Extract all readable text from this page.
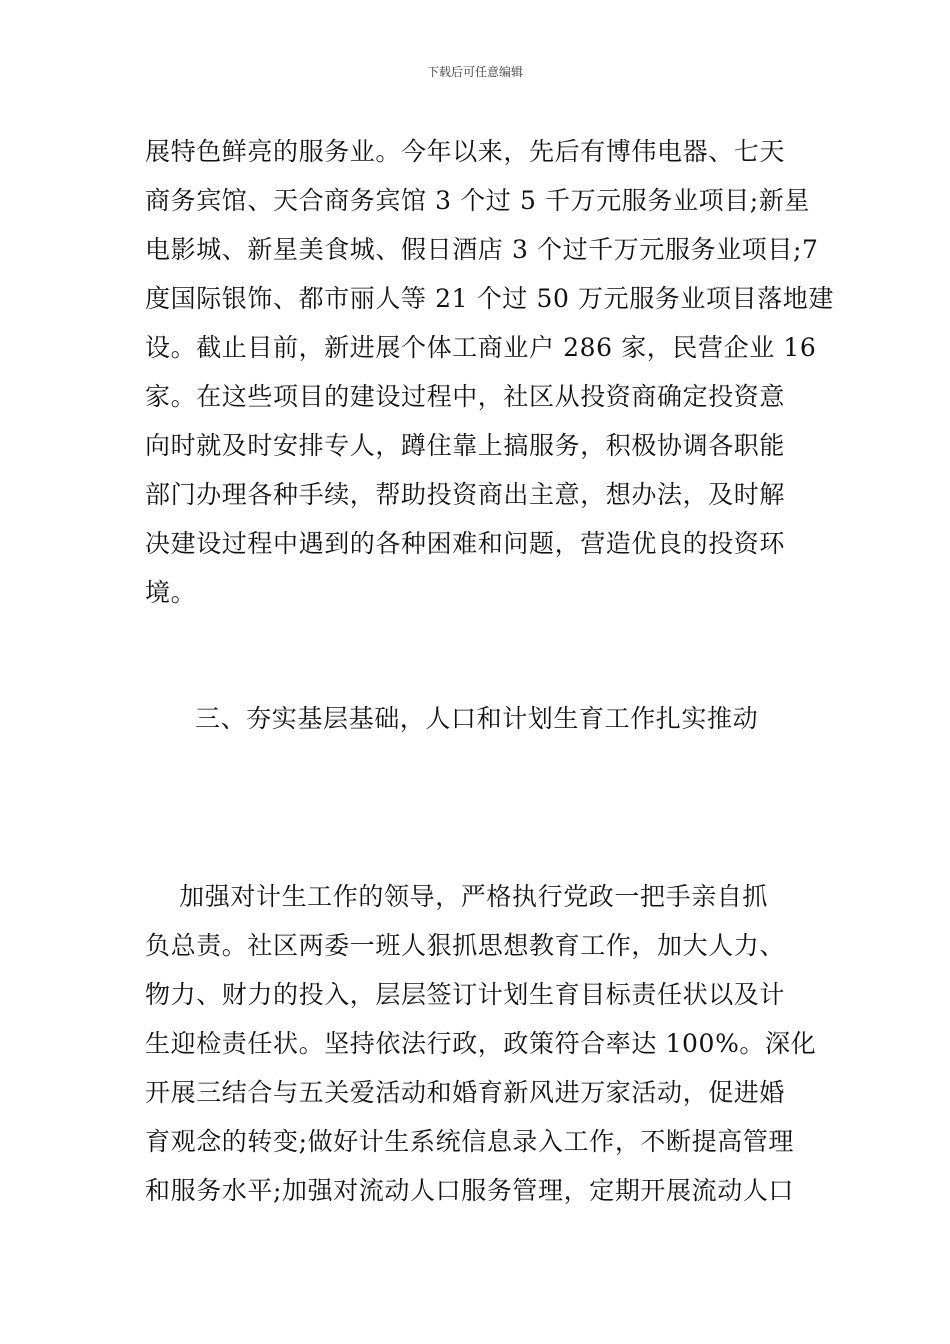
下载后可任意编辑
展特色鲜亮的服务业。今年以来，先后有博伟电器、七天
商务宾馆、天合商务宾馆 3 个过 5 千万元服务业项目;新星
电影城、新星美食城、假日酒店 3 个过千万元服务业项目;7
度国际银饰、都市丽人等 21 个过 50 万元服务业项目落地建
设。截止目前，新进展个体工商业户 286 家，民营企业 16
家。在这些项目的建设过程中，社区从投资商确定投资意
向时就及时安排专人，蹲住靠上搞服务，积极协调各职能
部门办理各种手续，帮助投资商出主意，想办法，及时解
决建设过程中遇到的各种困难和问题，营造优良的投资环
境。
三、夯实基层基础，人口和计划生育工作扎实推动
加强对计生工作的领导，严格执行党政一把手亲自抓
负总责。社区两委一班人狠抓思想教育工作，加大人力、
物力、财力的投入，层层签订计划生育目标责任状以及计
生迎检责任状。坚持依法行政，政策符合率达 100%。深化
开展三结合与五关爱活动和婚育新风进万家活动，促进婚
育观念的转变;做好计生系统信息录入工作，不断提高管理
和服务水平;加强对流动人口服务管理，定期开展流动人口
